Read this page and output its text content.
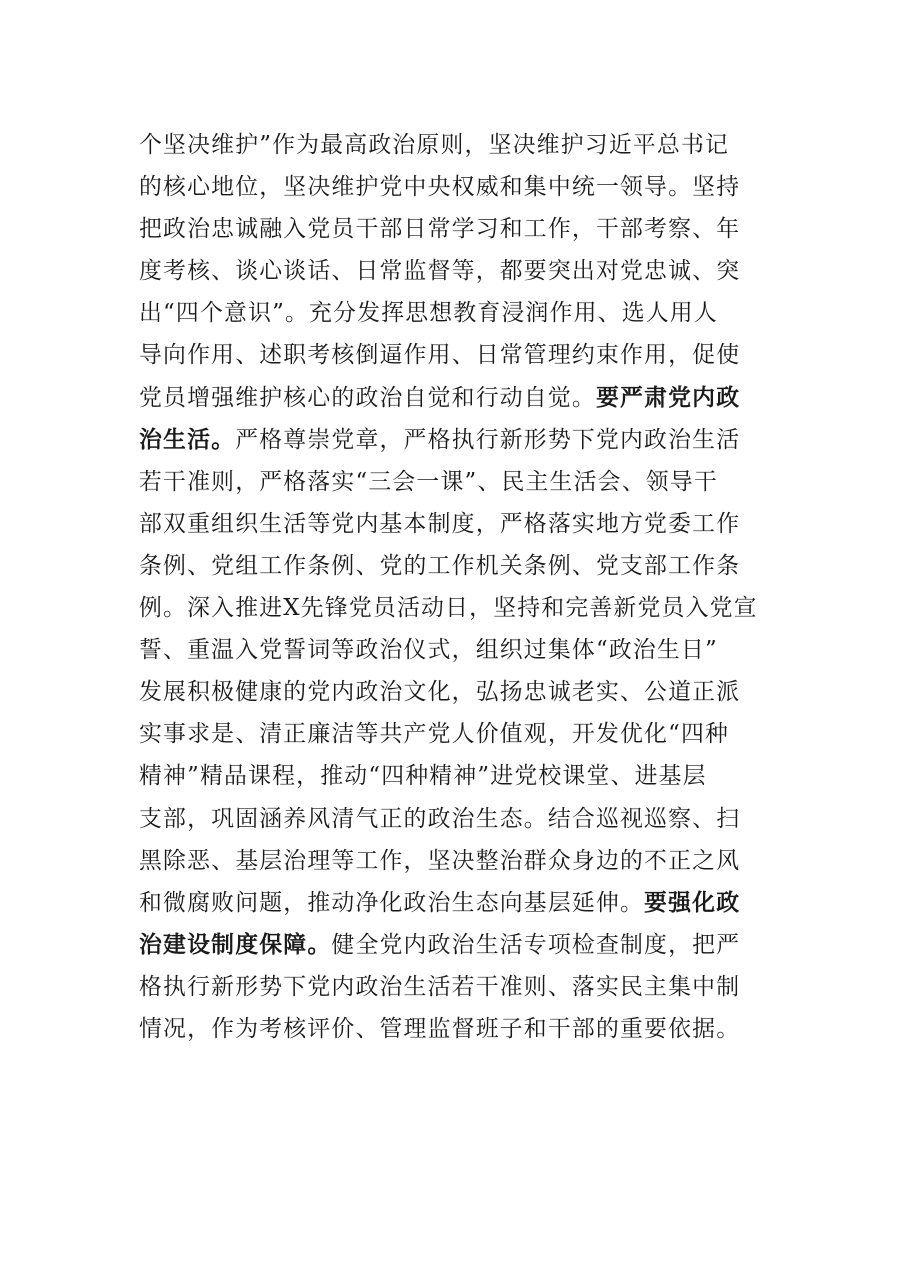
个坚决维护”作为最高政治原则，坚决维护习近平总书记
的核心地位，坚决维护党中央权威和集中统一领导。坚持
把政治忠诚融入党员干部日常学习和工作，干部考察、年
度考核、谈心谈话、日常监督等，都要突出对党忠诚、突
出“四个意识”。充分发挥思想教育浸润作用、选人用人
导向作用、述职考核倒逼作用、日常管理约束作用，促使
党员增强维护核心的政治自觉和行动自觉。要严肃党内政
治生活。严格尊崇党章，严格执行新形势下党内政治生活
若干准则，严格落实“三会一课”、民主生活会、领导干
部双重组织生活等党内基本制度，严格落实地方党委工作
条例、党组工作条例、党的工作机关条例、党支部工作条
例。深入推进X先锋党员活动日，坚持和完善新党员入党宣
誓、重温入党誓词等政治仪式，组织过集体“政治生日”
发展积极健康的党内政治文化，弘扬忠诚老实、公道正派
实事求是、清正廉洁等共产党人价值观，开发优化“四种
精神”精品课程，推动“四种精神”进党校课堂、进基层
支部，巩固涵养风清气正的政治生态。结合巡视巡察、扫
黑除恶、基层治理等工作，坚决整治群众身边的不正之风
和微腐败问题，推动净化政治生态向基层延伸。要强化政
治建设制度保障。健全党内政治生活专项检查制度，把严
格执行新形势下党内政治生活若干准则、落实民主集中制
情况，作为考核评价、管理监督班子和干部的重要依据。
